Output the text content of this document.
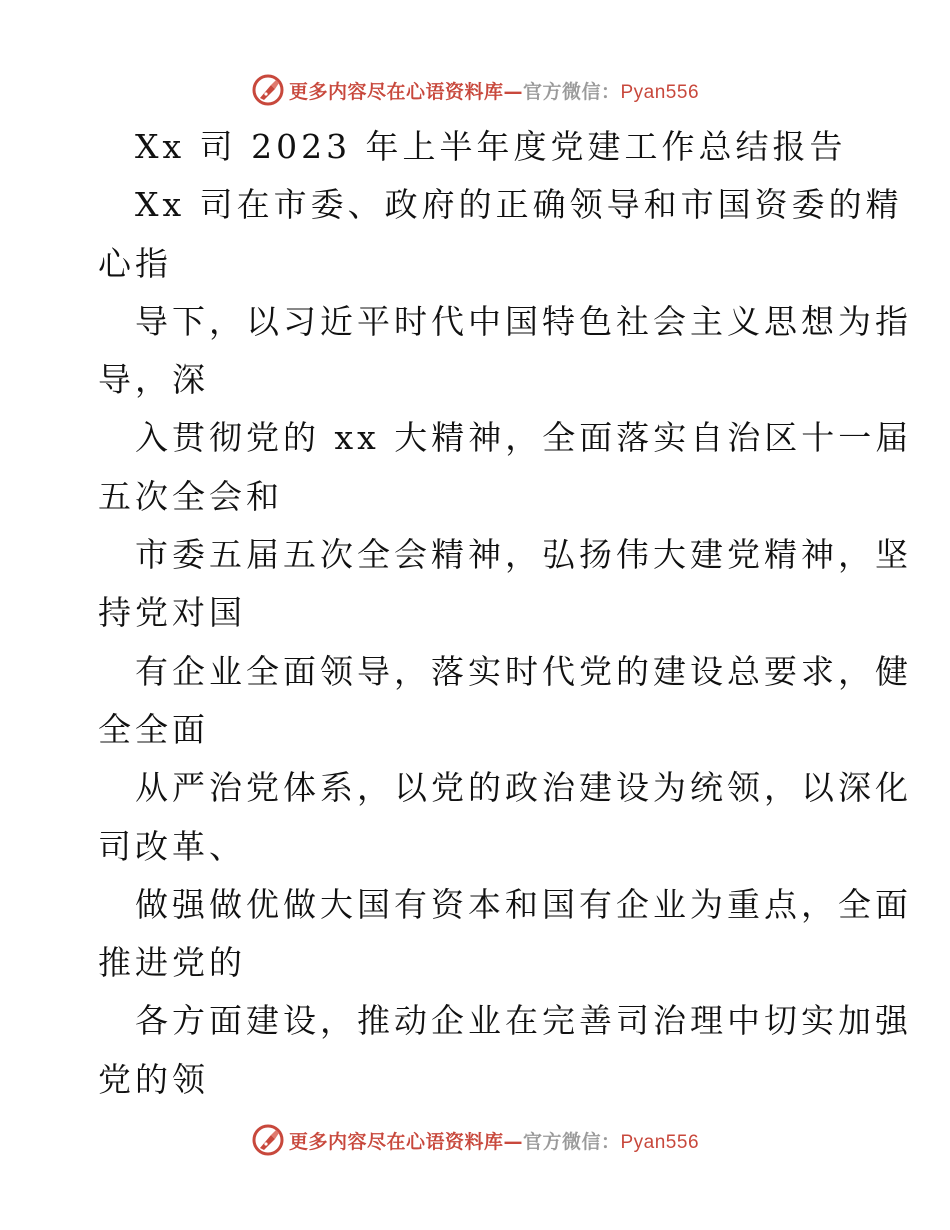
更多内容尽在心语资料库—官方微信：Pyan556
Xx 司 2023 年上半年度党建工作总结报告
Xx 司在市委、政府的正确领导和市国资委的精
心指
导下，以习近平时代中国特色社会主义思想为指
导，深
入贯彻党的 xx 大精神，全面落实自治区十一届
五次全会和
市委五届五次全会精神，弘扬伟大建党精神，坚
持党对国
有企业全面领导，落实时代党的建设总要求，健
全全面
从严治党体系，以党的政治建设为统领，以深化
司改革、
做强做优做大国有资本和国有企业为重点，全面
推进党的
各方面建设，推动企业在完善司治理中切实加强
党的领
更多内容尽在心语资料库—官方微信：Pyan556
